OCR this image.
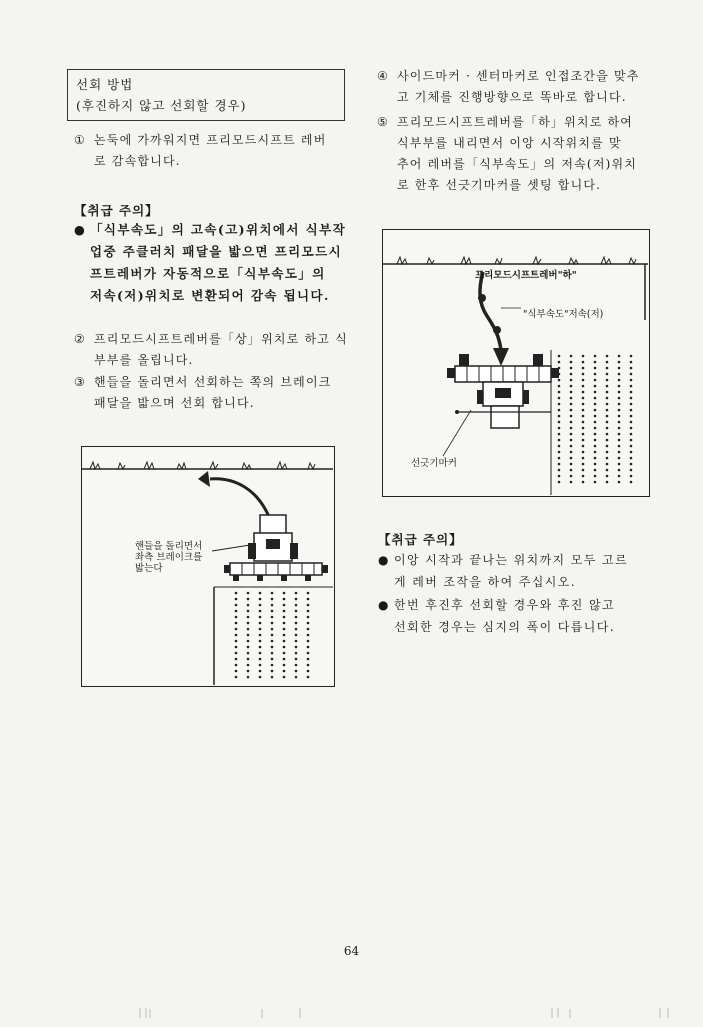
선회 방법
(후진하지 않고 선회할 경우)
① 논둑에 가까워지면 프리모드시프트 레버
로 감속합니다.
【취급 주의】
● 「식부속도」의 고속(고)위치에서 식부작
업중 주클러치 패달을 밟으면 프리모드시
프트레버가 자동적으로「식부속도」의
저속(저)위치로 변환되어 감속 됩니다.
② 프리모드시프트레버를「상」위치로 하고 식
부부를 올립니다.
③ 핸들을 돌리면서 선회하는 쪽의 브레이크
패달을 밟으며 선회 합니다.
핸들을 돌리면서
좌측 브레이크를
밟는다
④ 사이드마커 · 센터마커로 인접조간을 맞추
고 기체를 진행방향으로 똑바로 합니다.
⑤ 프리모드시프트레버를「하」위치로 하여
식부부를 내리면서 이앙 시작위치를 맞
추어 레버를「식부속도」의 저속(저)위치
로 한후 선긋기마커를 셋팅 합니다.
프리모드시프트레버"하"
"식부속도"저속(저)
선긋기마커
【취급 주의】
● 이앙 시작과 끝나는 위치까지 모두 고르
게 레버 조작을 하여 주십시오.
● 한번 후진후 선회할 경우와 후진 않고
선회한 경우는 심지의 폭이 다릅니다.
64
